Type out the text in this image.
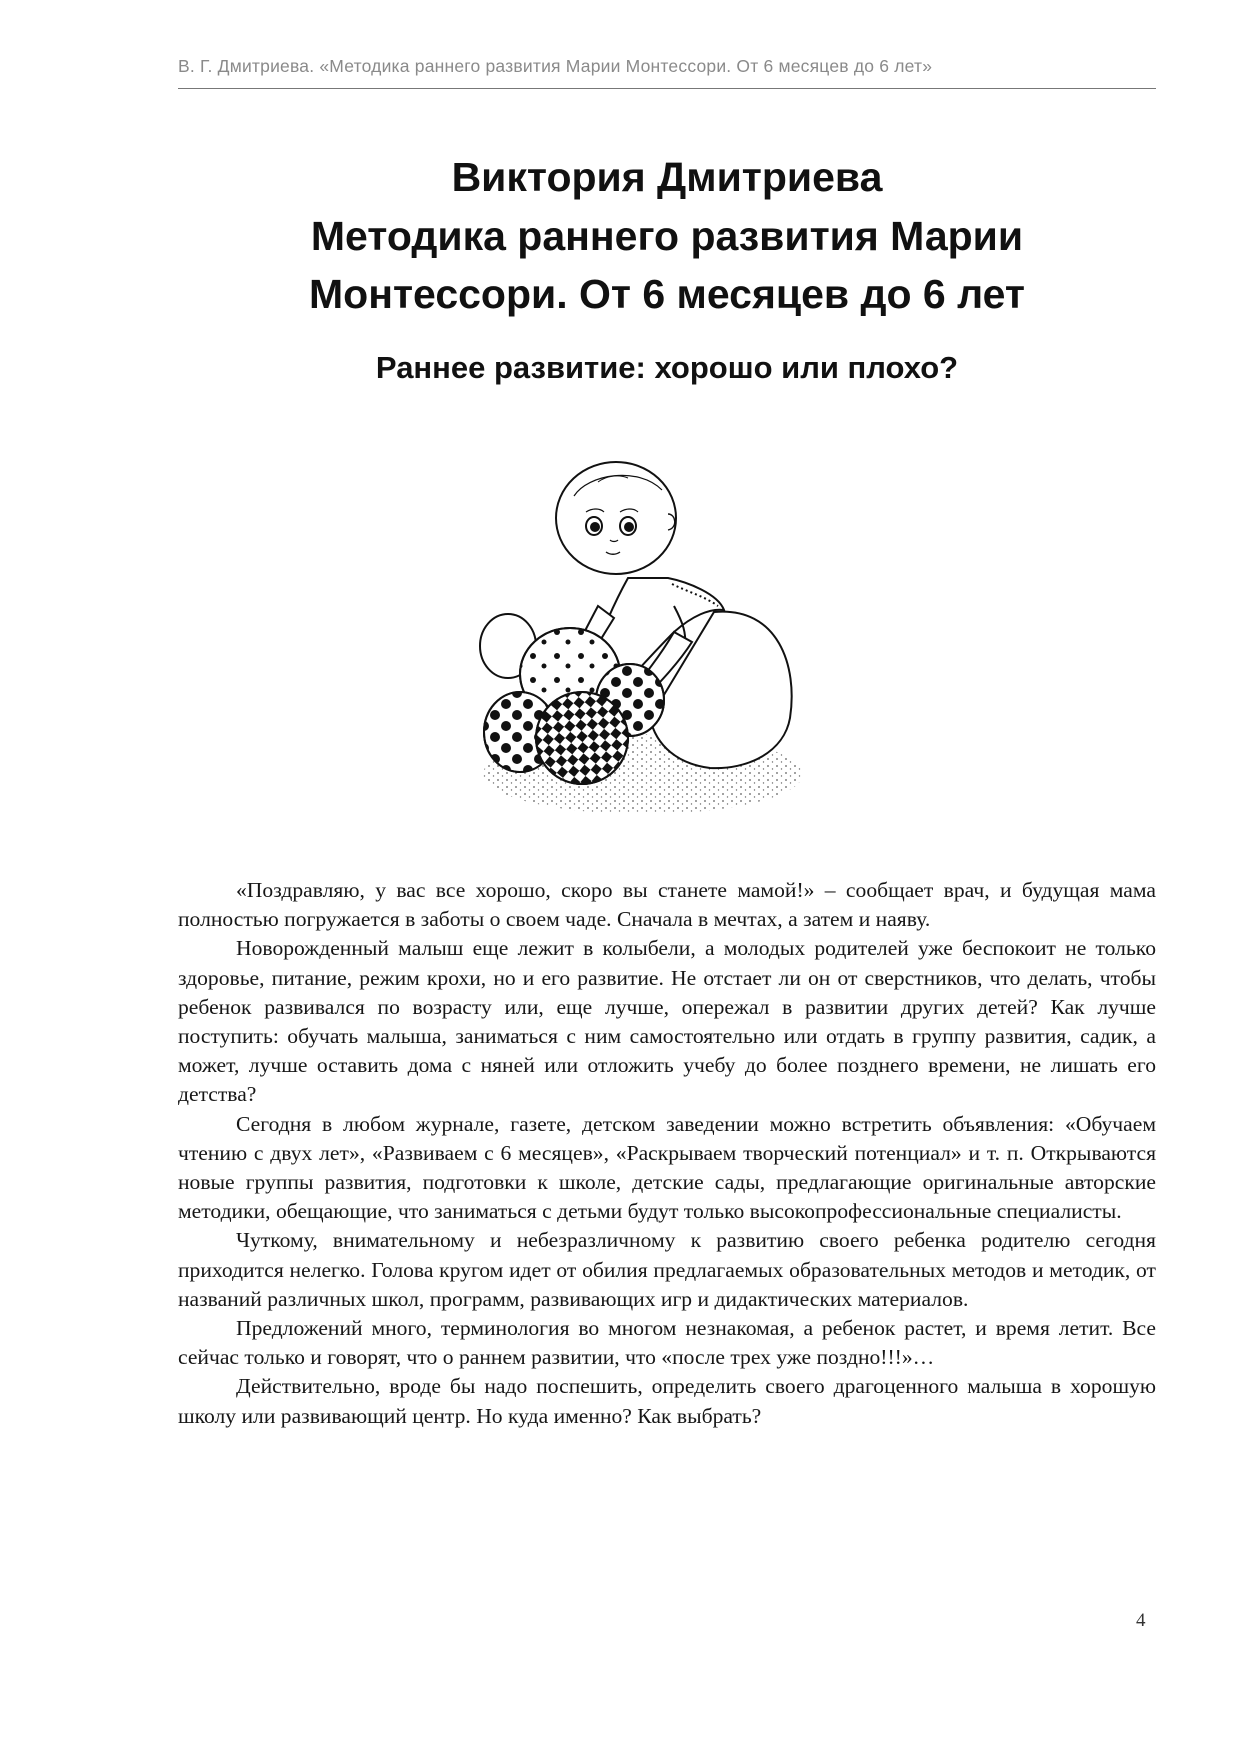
В. Г. Дмитриева. «Методика раннего развития Марии Монтессори. От 6 месяцев до 6 лет»
Виктория Дмитриева
Методика раннего развития Марии
Монтессори. От 6 месяцев до 6 лет
Раннее развитие: хорошо или плохо?

«Поздравляю, у вас все хорошо, скоро вы станете мамой!» – сообщает врач, и будущая мама полностью погружается в заботы о своем чаде. Сначала в мечтах, а затем и наяву.

Новорожденный малыш еще лежит в колыбели, а молодых родителей уже беспокоит не только здоровье, питание, режим крохи, но и его развитие. Не отстает ли он от сверстников, что делать, чтобы ребенок развивался по возрасту или, еще лучше, опережал в развитии других детей? Как лучше поступить: обучать малыша, заниматься с ним самостоятельно или отдать в группу развития, садик, а может, лучше оставить дома с няней или отложить учебу до более позднего времени, не лишать его детства?

Сегодня в любом журнале, газете, детском заведении можно встретить объявления: «Обучаем чтению с двух лет», «Развиваем с 6 месяцев», «Раскрываем творческий потенциал» и т. п. Открываются новые группы развития, подготовки к школе, детские сады, предлагающие оригинальные авторские методики, обещающие, что заниматься с детьми будут только высокопрофессиональные специалисты.

Чуткому, внимательному и небезразличному к развитию своего ребенка родителю сегодня приходится нелегко. Голова кругом идет от обилия предлагаемых образовательных методов и методик, от названий различных школ, программ, развивающих игр и дидактических материалов.

Предложений много, терминология во многом незнакомая, а ребенок растет, и время летит. Все сейчас только и говорят, что о раннем развитии, что «после трех уже поздно!!!»…

Действительно, вроде бы надо поспешить, определить своего драгоценного малыша в хорошую школу или развивающий центр. Но куда именно? Как выбрать?

4
